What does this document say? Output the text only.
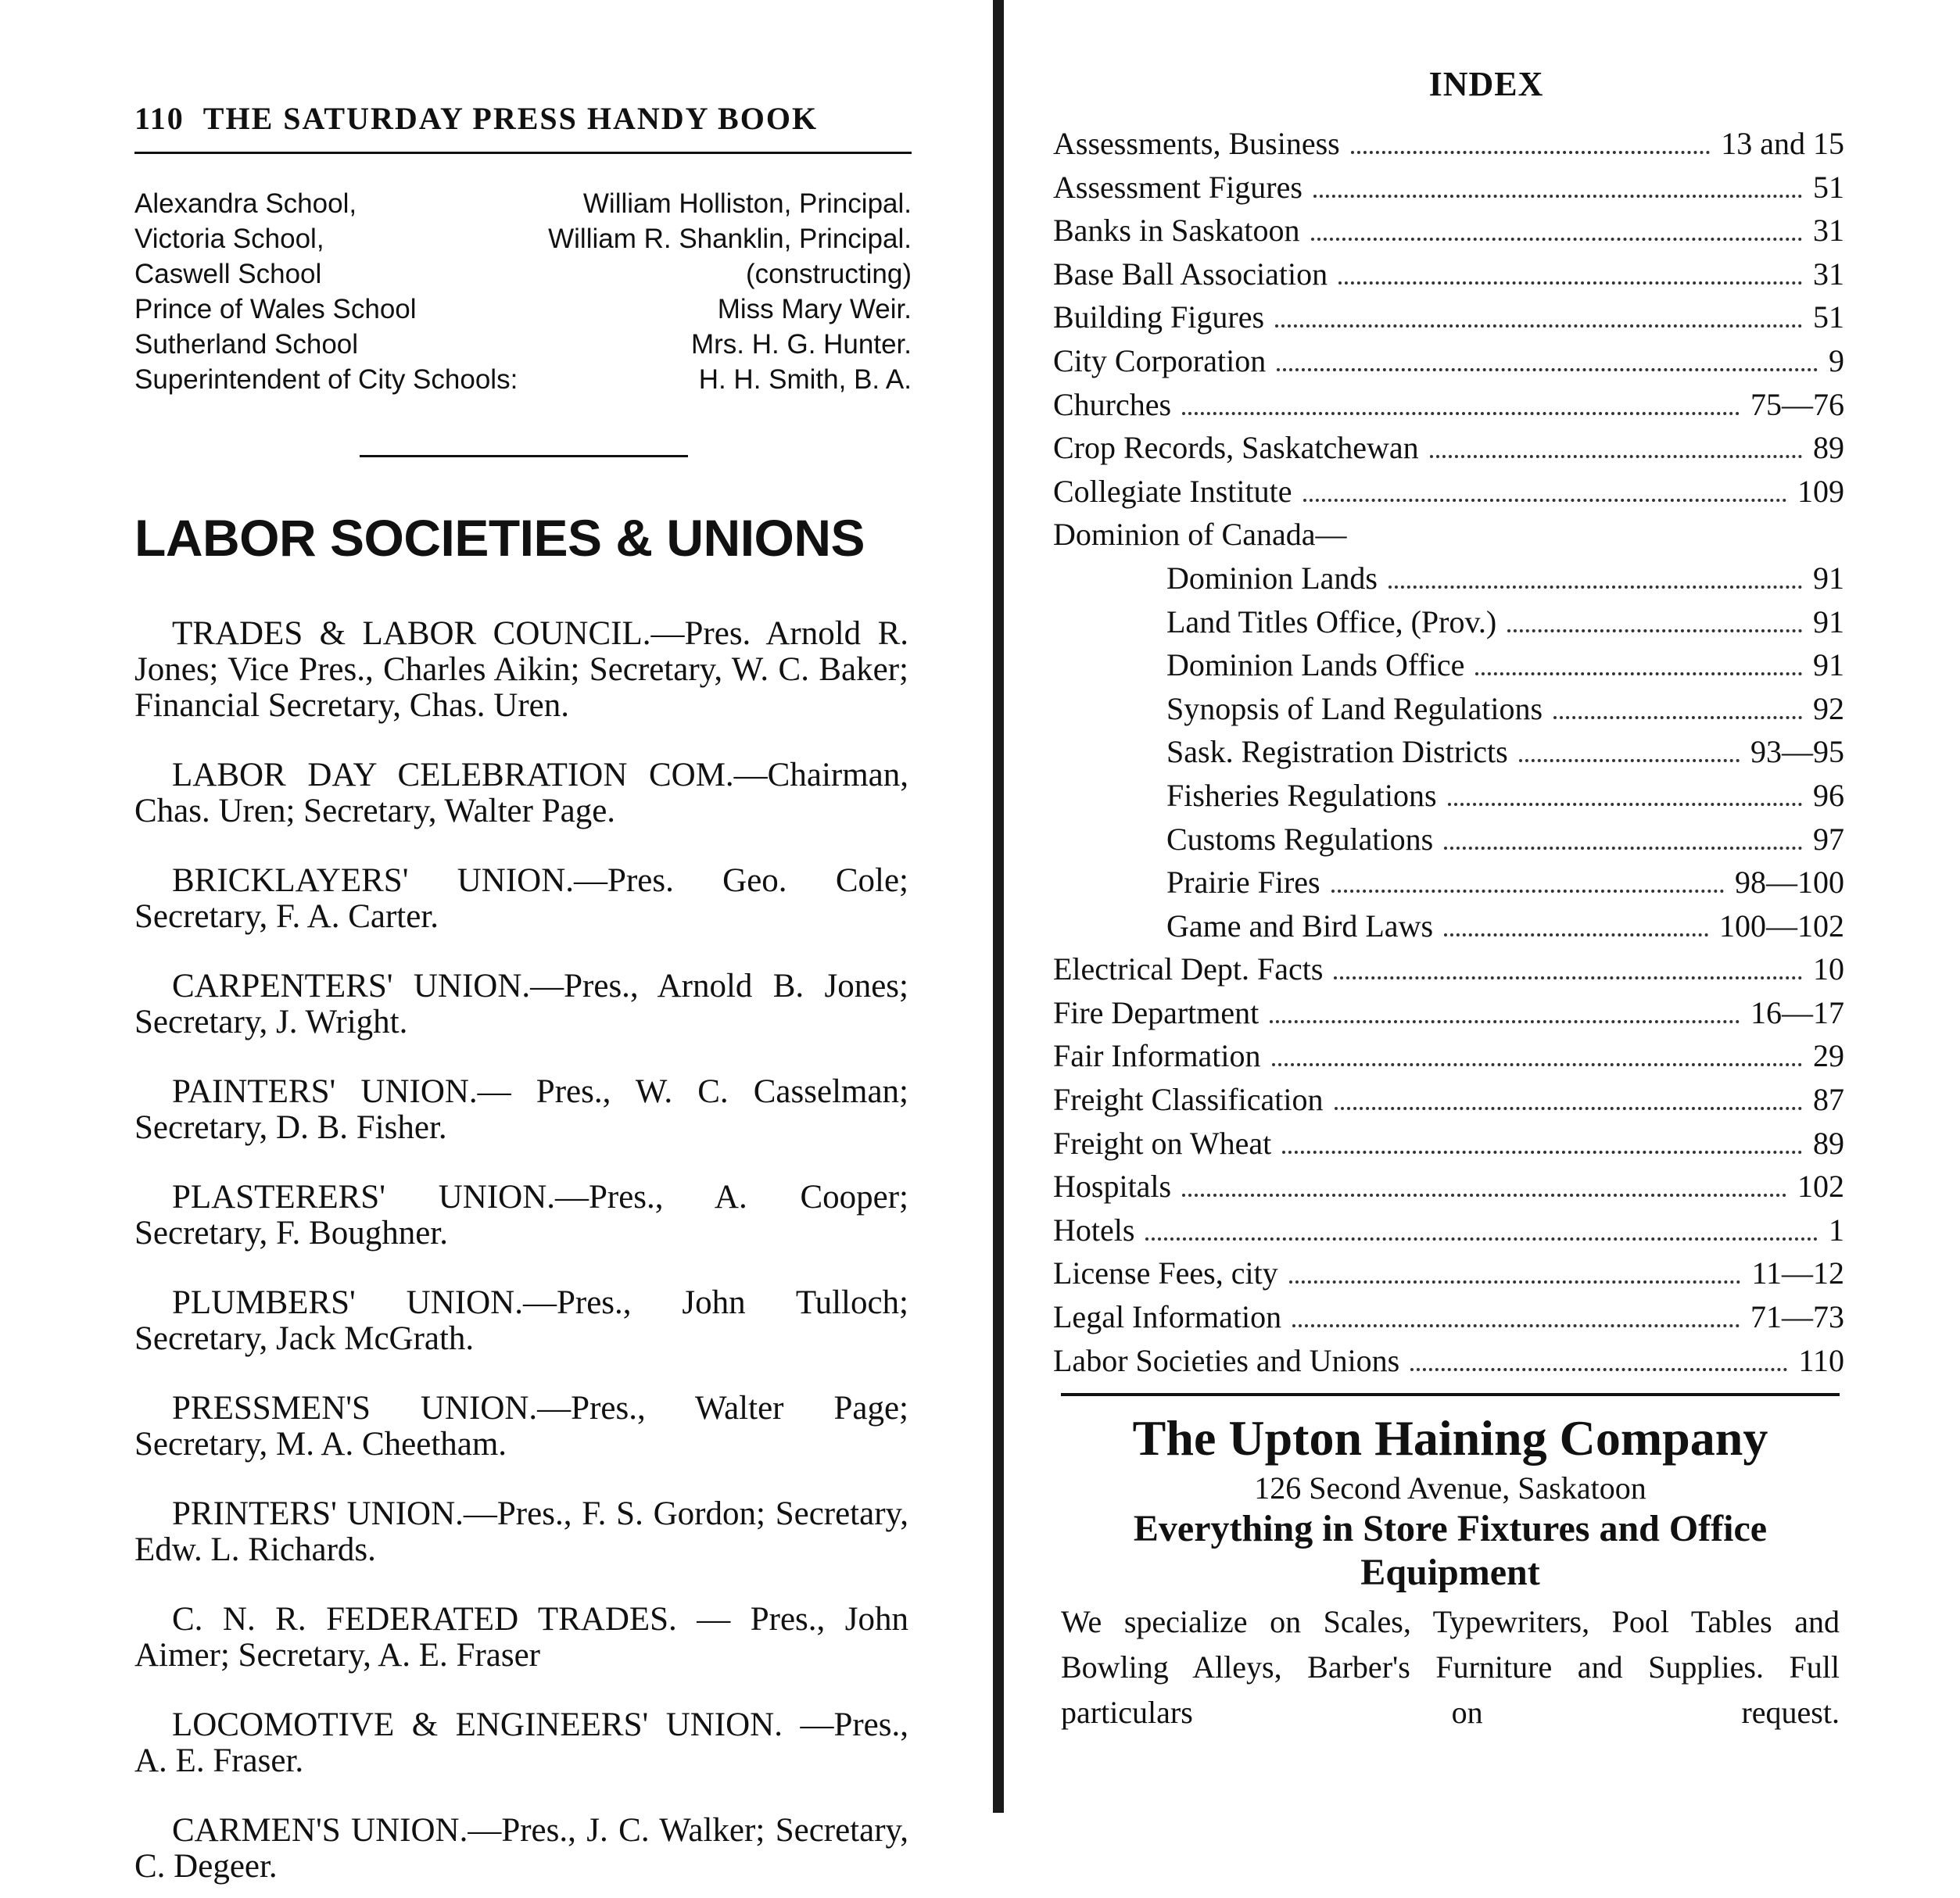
110 THE SATURDAY PRESS HANDY BOOK
Alexandra School,	William Holliston, Principal.
Victoria School,	William R. Shanklin, Principal.
Caswell School	(constructing)
Prince of Wales School	Miss Mary Weir.
Sutherland School	Mrs. H. G. Hunter.
Superintendent of City Schools:	H. H. Smith, B. A.
LABOR SOCIETIES & UNIONS

TRADES & LABOR COUNCIL.—Pres. Arnold R. Jones; Vice Pres., Charles Aikin; Secretary, W. C. Baker; Financial Secretary, Chas. Uren.

LABOR DAY CELEBRATION COM.—Chairman, Chas. Uren; Secretary, Walter Page.

BRICKLAYERS' UNION.—Pres. Geo. Cole; Secretary, F. A. Carter.

CARPENTERS' UNION.—Pres., Arnold B. Jones; Secretary, J. Wright.

PAINTERS' UNION.— Pres., W. C. Casselman; Secretary, D. B. Fisher.

PLASTERERS' UNION.—Pres., A. Cooper; Secretary, F. Boughner.

PLUMBERS' UNION.—Pres., John Tulloch; Secretary, Jack McGrath.

PRESSMEN'S UNION.—Pres., Walter Page; Secretary, M. A. Cheetham.

PRINTERS' UNION.—Pres., F. S. Gordon; Secretary, Edw. L. Richards.

C. N. R. FEDERATED TRADES. — Pres., John Aimer; Secretary, A. E. Fraser

LOCOMOTIVE & ENGINEERS' UNION. —Pres., A. E. Fraser.

CARMEN'S UNION.—Pres., J. C. Walker; Secretary, C. Degeer.

INDEX
Assessments, Business	13 and 15
Assessment Figures	51
Banks in Saskatoon	31
Base Ball Association	31
Building Figures	51
City Corporation	9
Churches	75—76
Crop Records, Saskatchewan	89
Collegiate Institute	109
Dominion of Canada—
Dominion Lands	91
Land Titles Office, (Prov.)	91
Dominion Lands Office	91
Synopsis of Land Regulations	92
Sask. Registration Districts	93—95
Fisheries Regulations	96
Customs Regulations	97
Prairie Fires	98—100
Game and Bird Laws	100—102
Electrical Dept. Facts	10
Fire Department	16—17
Fair Information	29
Freight Classification	87
Freight on Wheat	89
Hospitals	102
Hotels	1
License Fees, city	11—12
Legal Information	71—73
Labor Societies and Unions	110
The Upton Haining Company
126 Second Avenue, Saskatoon
Everything in Store Fixtures and Office Equipment
We specialize on Scales, Typewriters, Pool Tables and Bowling Alleys, Barber's Furniture and Supplies. Full particulars on request.
